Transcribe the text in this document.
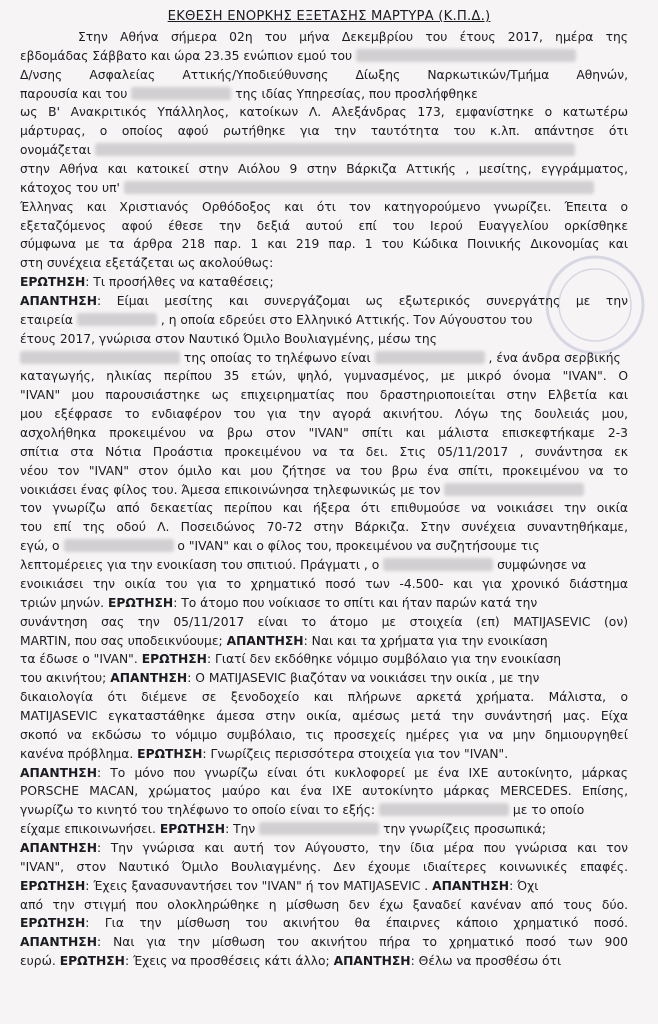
ΕΚΘΕΣΗ ΕΝΟΡΚΗΣ ΕΞΕΤΑΣΗΣ ΜΑΡΤΥΡΑ (Κ.Π.Δ.)
Στην Αθήνα σήμερα 02η του μήνα Δεκεμβρίου του έτους 2017, ημέρα της
εβδομάδας Σάββατο και ώρα 23.35 ενώπιον εμού του
Δ/νσης Ασφαλείας Αττικής/Υποδιεύθυνσης Δίωξης Ναρκωτικών/Τμήμα Αθηνών,
παρουσία και του	της ιδίας Υπηρεσίας, που προσλήφθηκε
ως Β' Ανακριτικός Υπάλληλος, κατοίκων Λ. Αλεξάνδρας 173, εμφανίστηκε ο κατωτέρω
μάρτυρας, ο οποίος αφού ρωτήθηκε για την ταυτότητα του κ.λπ. απάντησε ότι
ονομάζεται
στην Αθήνα και κατοικεί στην Αιόλου 9 στην Βάρκιζα Αττικής , μεσίτης, εγγράμματος,
κάτοχος του υπ'
Έλληνας και Χριστιανός Ορθόδοξος και ότι τον κατηγορούμενο γνωρίζει. Έπειτα ο
εξεταζόμενος αφού έθεσε την δεξιά αυτού επί του Ιερού Ευαγγελίου ορκίσθηκε
σύμφωνα με τα άρθρα 218 παρ. 1 και 219 παρ. 1 του Κώδικα Ποινικής Δικονομίας και
στη συνέχεια εξετάζεται ως ακολούθως:
ΕΡΩΤΗΣΗ: Τι προσήλθες να καταθέσεις;
ΑΠΑΝΤΗΣΗ: Είμαι μεσίτης και συνεργάζομαι ως εξωτερικός συνεργάτης με την
εταιρεία	, η οποία εδρεύει στο Ελληνικό Αττικής. Τον Αύγουστου του
έτους 2017, γνώρισα στον Ναυτικό Όμιλο Βουλιαγμένης, μέσω της
της οποίας το τηλέφωνο είναι	, ένα άνδρα σερβικής
καταγωγής, ηλικίας περίπου 35 ετών, ψηλό, γυμνασμένος, με μικρό όνομα "IVAN". Ο
"IVAN" μου παρουσιάστηκε ως επιχειρηματίας που δραστηριοποιείται στην Ελβετία και
μου εξέφρασε το ενδιαφέρον του για την αγορά ακινήτου. Λόγω της δουλειάς μου,
ασχολήθηκα προκειμένου να βρω στον "IVAN" σπίτι και μάλιστα επισκεφτήκαμε 2-3
σπίτια στα Νότια Προάστια προκειμένου να τα δει. Στις 05/11/2017 , συνάντησα εκ
νέου τον "IVAN" στον όμιλο και μου ζήτησε να του βρω ένα σπίτι, προκειμένου να το
νοικιάσει ένας φίλος του. Άμεσα επικοινώνησα τηλεφωνικώς με τον
τον γνωρίζω από δεκαετίας περίπου και ήξερα ότι επιθυμούσε να νοικιάσει την οικία
του επί της οδού Λ. Ποσειδώνος 70-72 στην Βάρκιζα. Στην συνέχεια συναντηθήκαμε,
εγώ, ο	ο "IVAN" και ο φίλος του, προκειμένου να συζητήσουμε τις
λεπτομέρειες για την ενοικίαση του σπιτιού. Πράγματι , ο	συμφώνησε να
ενοικιάσει την οικία του για το χρηματικό ποσό των -4.500- και για χρονικό διάστημα
τριών μηνών. ΕΡΩΤΗΣΗ: Το άτομο που νοίκιασε το σπίτι και ήταν παρών κατά την
συνάντηση σας την 05/11/2017 είναι το άτομο με στοιχεία (επ) MATIJASEVIC (ον)
MARTIN, που σας υποδεικνύουμε; ΑΠΑΝΤΗΣΗ: Ναι και τα χρήματα για την ενοικίαση
τα έδωσε ο "IVAN". ΕΡΩΤΗΣΗ: Γιατί δεν εκδόθηκε νόμιμο συμβόλαιο για την ενοικίαση
του ακινήτου; ΑΠΑΝΤΗΣΗ: Ο MATIJASEVIC βιαζόταν να νοικιάσει την οικία , με την
δικαιολογία ότι διέμενε σε ξενοδοχείο και πλήρωνε αρκετά χρήματα. Μάλιστα, ο
MATIJASEVIC εγκαταστάθηκε άμεσα στην οικία, αμέσως μετά την συνάντησή μας. Είχα
σκοπό να εκδώσω το νόμιμο συμβόλαιο, τις προσεχείς ημέρες για να μην δημιουργηθεί
κανένα πρόβλημα. ΕΡΩΤΗΣΗ: Γνωρίζεις περισσότερα στοιχεία για τον "IVAN".
ΑΠΑΝΤΗΣΗ: Το μόνο που γνωρίζω είναι ότι κυκλοφορεί με ένα ΙΧΕ αυτοκίνητο, μάρκας
PORSCHE MACAN, χρώματος μαύρο και ένα ΙΧΕ αυτοκίνητο μάρκας MERCEDES. Επίσης,
γνωρίζω το κινητό του τηλέφωνο το οποίο είναι το εξής:	με το οποίο
είχαμε επικοινωνήσει. ΕΡΩΤΗΣΗ: Την	την γνωρίζεις προσωπικά;
ΑΠΑΝΤΗΣΗ: Την γνώρισα και αυτή τον Αύγουστο, την ίδια μέρα που γνώρισα και τον
"IVAN", στον Ναυτικό Όμιλο Βουλιαγμένης. Δεν έχουμε ιδιαίτερες κοινωνικές επαφές.
ΕΡΩΤΗΣΗ: Έχεις ξανασυναντήσει τον "IVAN" ή τον MATIJASEVIC . ΑΠΑΝΤΗΣΗ: Όχι
από την στιγμή που ολοκληρώθηκε η μίσθωση δεν έχω ξαναδεί κανέναν από τους δύο.
ΕΡΩΤΗΣΗ: Για την μίσθωση του ακινήτου θα έπαιρνες κάποιο χρηματικό ποσό.
ΑΠΑΝΤΗΣΗ: Ναι για την μίσθωση του ακινήτου πήρα το χρηματικό ποσό των 900
ευρώ. ΕΡΩΤΗΣΗ: Έχεις να προσθέσεις κάτι άλλο; ΑΠΑΝΤΗΣΗ: Θέλω να προσθέσω ότι
